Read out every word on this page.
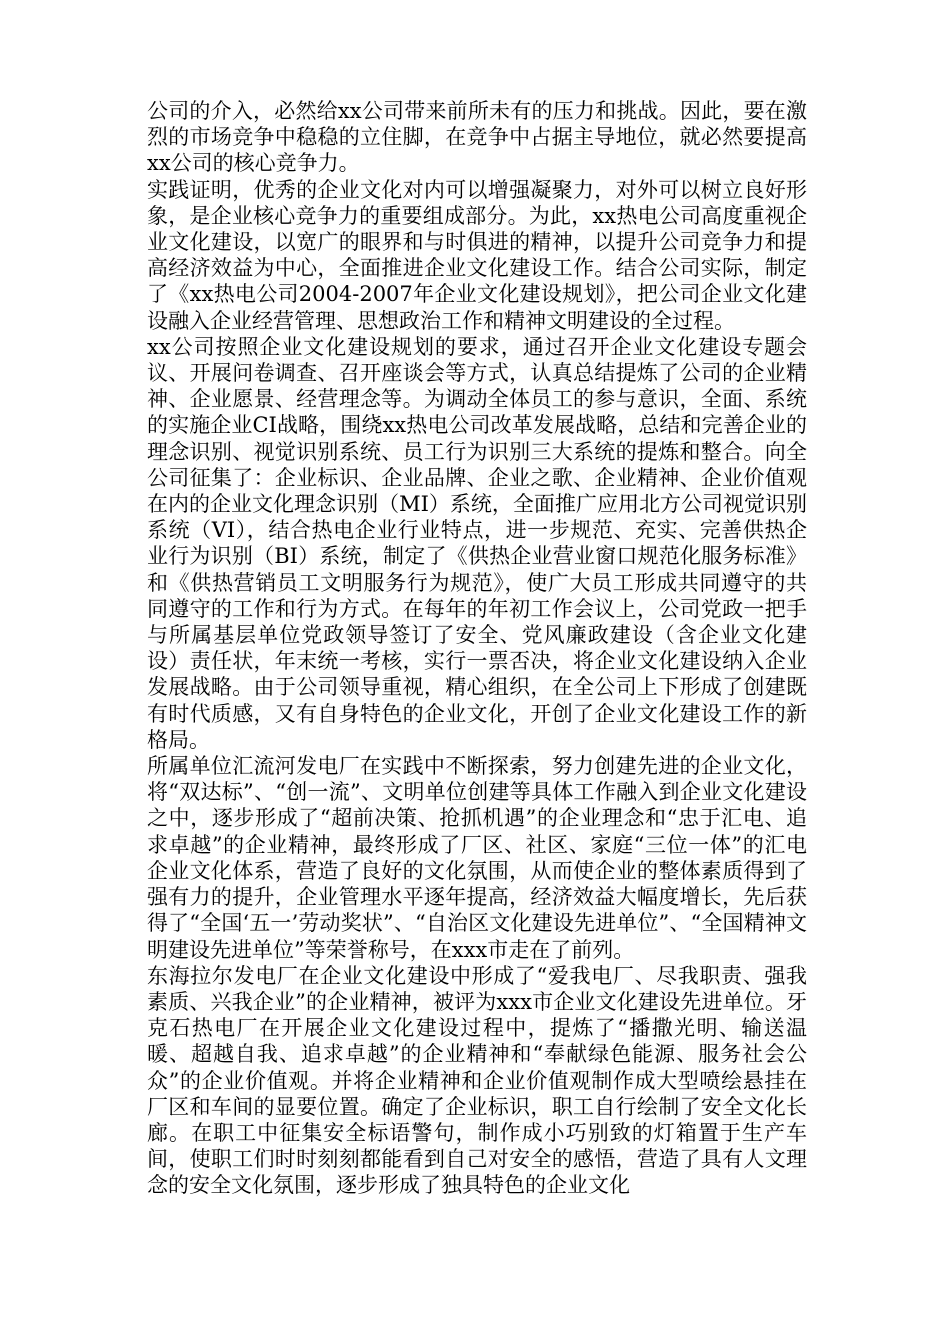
公司的介入，必然给xx公司带来前所未有的压力和挑战。因此，要在激烈的市场竞争中稳稳的立住脚，在竞争中占据主导地位，就必然要提高xx公司的核心竞争力。

实践证明，优秀的企业文化对内可以增强凝聚力，对外可以树立良好形象，是企业核心竞争力的重要组成部分。为此，xx热电公司高度重视企业文化建设，以宽广的眼界和与时俱进的精神，以提升公司竞争力和提高经济效益为中心，全面推进企业文化建设工作。结合公司实际，制定了《xx热电公司2004-2007年企业文化建设规划》，把公司企业文化建设融入企业经营管理、思想政治工作和精神文明建设的全过程。

xx公司按照企业文化建设规划的要求，通过召开企业文化建设专题会议、开展问卷调查、召开座谈会等方式，认真总结提炼了公司的企业精神、企业愿景、经营理念等。为调动全体员工的参与意识，全面、系统的实施企业CI战略，围绕xx热电公司改革发展战略，总结和完善企业的理念识别、视觉识别系统、员工行为识别三大系统的提炼和整合。向全公司征集了：企业标识、企业品牌、企业之歌、企业精神、企业价值观在内的企业文化理念识别（MI）系统，全面推广应用北方公司视觉识别系统（VI），结合热电企业行业特点，进一步规范、充实、完善供热企业行为识别（BI）系统，制定了《供热企业营业窗口规范化服务标准》和《供热营销员工文明服务行为规范》，使广大员工形成共同遵守的共同遵守的工作和行为方式。在每年的年初工作会议上，公司党政一把手与所属基层单位党政领导签订了安全、党风廉政建设（含企业文化建设）责任状，年末统一考核，实行一票否决，将企业文化建设纳入企业发展战略。由于公司领导重视，精心组织，在全公司上下形成了创建既有时代质感，又有自身特色的企业文化，开创了企业文化建设工作的新格局。

所属单位汇流河发电厂在实践中不断探索，努力创建先进的企业文化，将“双达标”、“创一流”、文明单位创建等具体工作融入到企业文化建设之中，逐步形成了“超前决策、抢抓机遇”的企业理念和“忠于汇电、追求卓越”的企业精神，最终形成了厂区、社区、家庭“三位一体”的汇电企业文化体系，营造了良好的文化氛围，从而使企业的整体素质得到了强有力的提升，企业管理水平逐年提高，经济效益大幅度增长，先后获得了“全国‘五一’劳动奖状”、“自治区文化建设先进单位”、“全国精神文明建设先进单位”等荣誉称号，在xxx市走在了前列。

东海拉尔发电厂在企业文化建设中形成了“爱我电厂、尽我职责、强我素质、兴我企业”的企业精神，被评为xxx市企业文化建设先进单位。牙克石热电厂在开展企业文化建设过程中，提炼了“播撒光明、输送温暖、超越自我、追求卓越”的企业精神和“奉献绿色能源、服务社会公众”的企业价值观。并将企业精神和企业价值观制作成大型喷绘悬挂在厂区和车间的显要位置。确定了企业标识，职工自行绘制了安全文化长廊。在职工中征集安全标语警句，制作成小巧别致的灯箱置于生产车间，使职工们时时刻刻都能看到自己对安全的感悟，营造了具有人文理念的安全文化氛围，逐步形成了独具特色的企业文化
